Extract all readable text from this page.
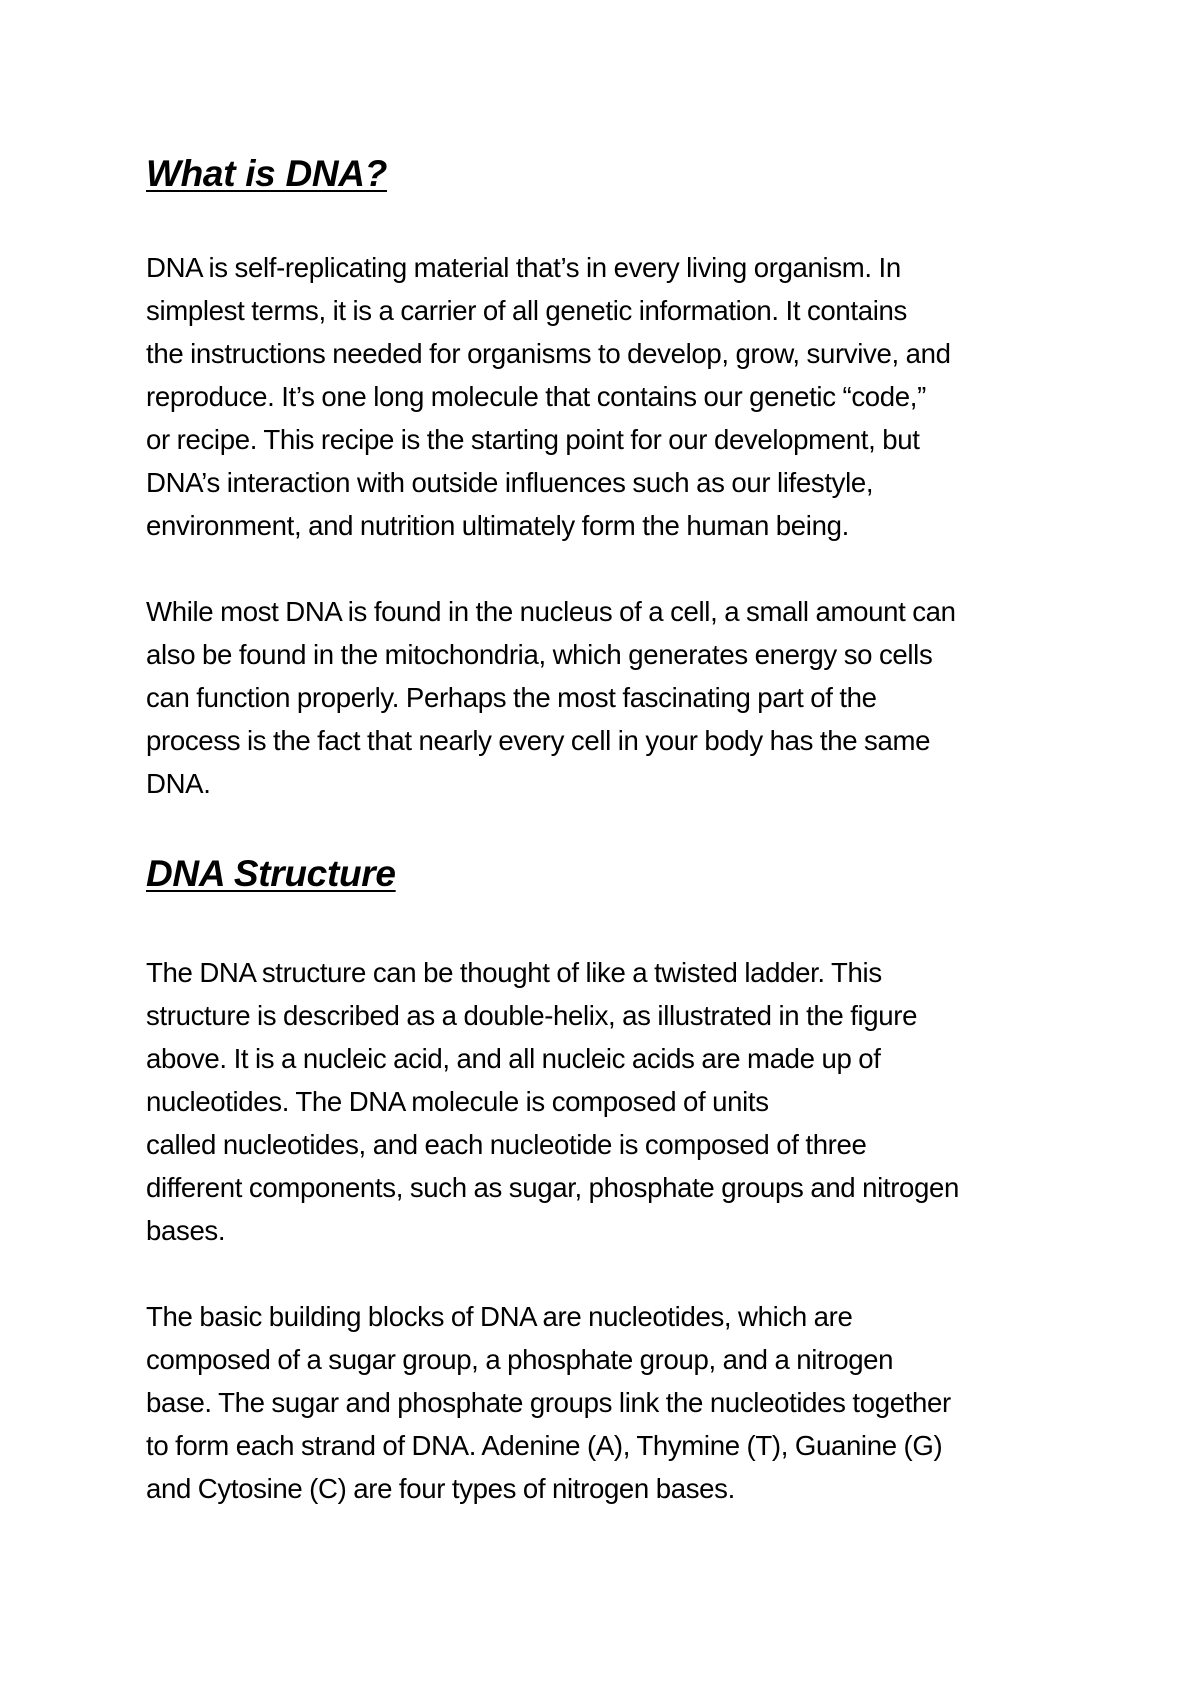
What is DNA?

DNA is self-replicating material that’s in every living organism. In
simplest terms, it is a carrier of all genetic information. It contains
the instructions needed for organisms to develop, grow, survive, and
reproduce. It’s one long molecule that contains our genetic “code,”
or recipe. This recipe is the starting point for our development, but
DNA’s interaction with outside influences such as our lifestyle,
environment, and nutrition ultimately form the human being.

While most DNA is found in the nucleus of a cell, a small amount can
also be found in the mitochondria, which generates energy so cells
can function properly. Perhaps the most fascinating part of the
process is the fact that nearly every cell in your body has the same
DNA.

DNA Structure

The DNA structure can be thought of like a twisted ladder. This
structure is described as a double-helix, as illustrated in the figure
above. It is a nucleic acid, and all nucleic acids are made up of
nucleotides. The DNA molecule is composed of units
called nucleotides, and each nucleotide is composed of three
different components, such as sugar, phosphate groups and nitrogen
bases.

The basic building blocks of DNA are nucleotides, which are
composed of a sugar group, a phosphate group, and a nitrogen
base. The sugar and phosphate groups link the nucleotides together
to form each strand of DNA. Adenine (A), Thymine (T), Guanine (G)
and Cytosine (C) are four types of nitrogen bases.
